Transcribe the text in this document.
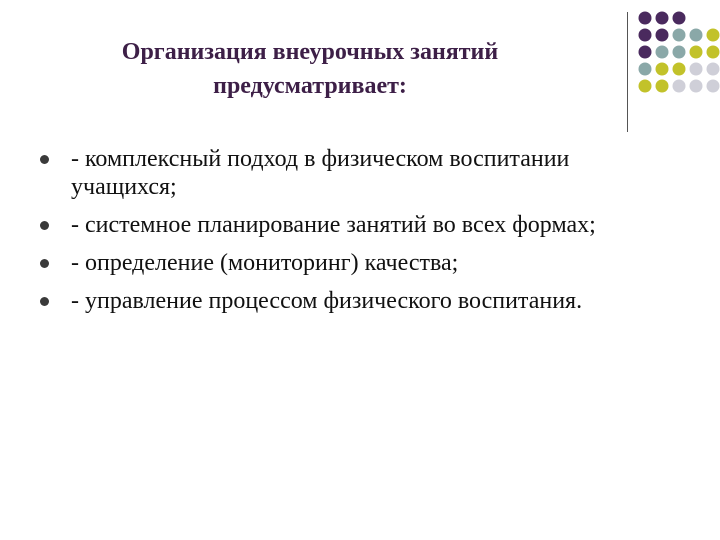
Организация внеурочных занятий
предусматривает:
- комплексный подход в физическом воспитании учащихся;
- системное планирование занятий во всех формах;
- определение (мониторинг) качества;
- управление процессом физического воспитания.
